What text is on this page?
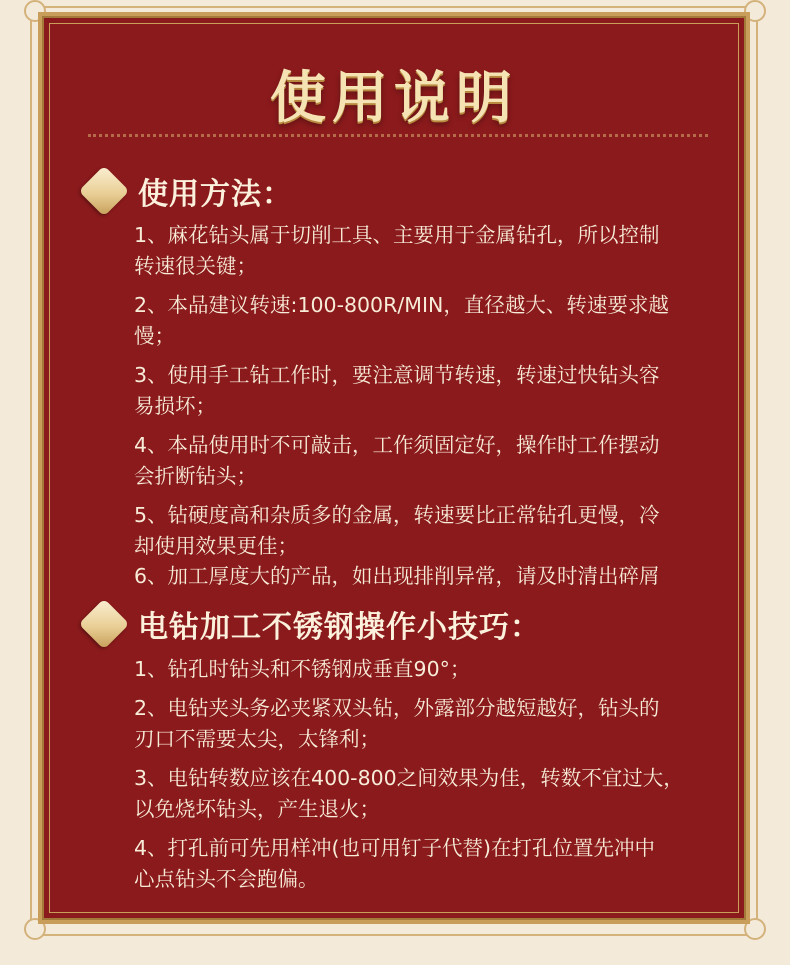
使用说明
使用方法：
1、麻花钻头属于切削工具、主要用于金属钻孔，所以控制
转速很关键；
2、本品建议转速:100-800R/MIN，直径越大、转速要求越
慢；
3、使用手工钻工作时，要注意调节转速，转速过快钻头容
易损坏；
4、本品使用时不可敲击，工作须固定好，操作时工作摆动
会折断钻头；
5、钻硬度高和杂质多的金属，转速要比正常钻孔更慢，冷
却使用效果更佳；
6、加工厚度大的产品，如出现排削异常，请及时清出碎屑
电钻加工不锈钢操作小技巧：
1、钻孔时钻头和不锈钢成垂直90°；
2、电钻夹头务必夹紧双头钻，外露部分越短越好，钻头的
刃口不需要太尖，太锋利；
3、电钻转数应该在400-800之间效果为佳，转数不宜过大，
以免烧坏钻头，产生退火；
4、打孔前可先用样冲(也可用钉子代替)在打孔位置先冲中
心点钻头不会跑偏。
